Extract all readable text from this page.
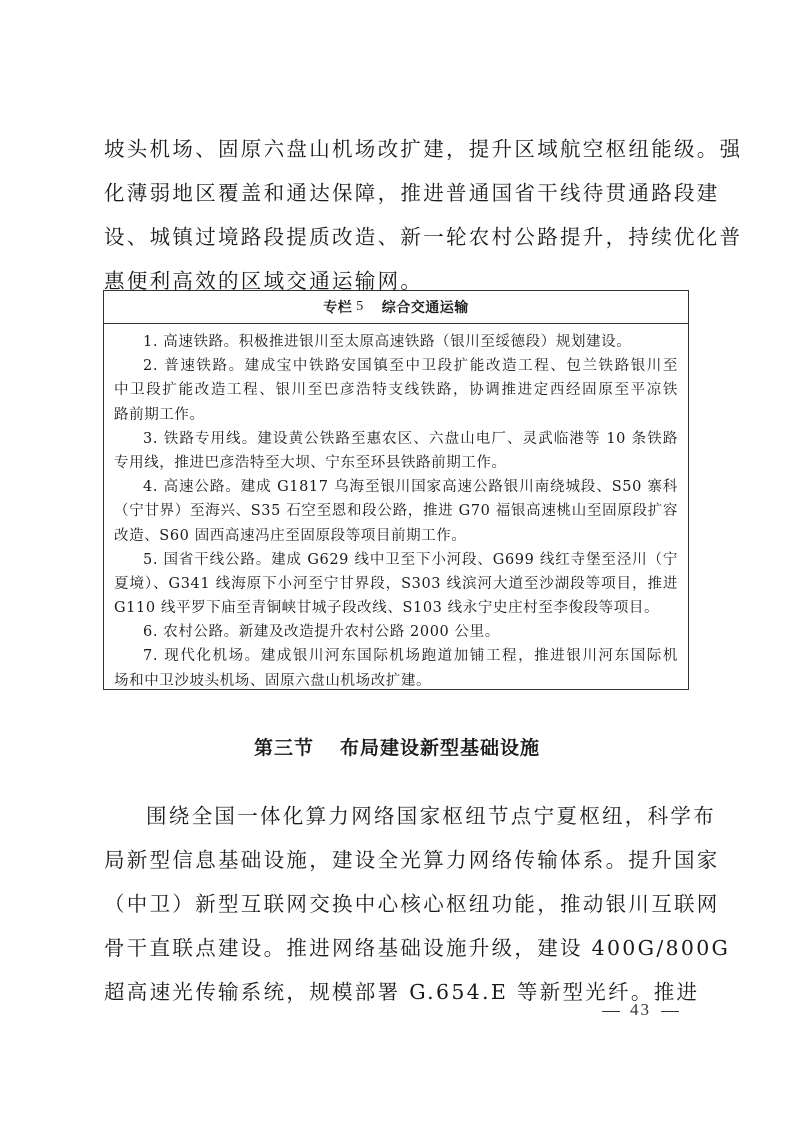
坡头机场、固原六盘山机场改扩建，提升区域航空枢纽能级。强
化薄弱地区覆盖和通达保障，推进普通国省干线待贯通路段建
设、城镇过境路段提质改造、新一轮农村公路提升，持续优化普
惠便利高效的区域交通运输网。
专栏 5 综合交通运输
1. 高速铁路。积极推进银川至太原高速铁路（银川至绥德段）规划建设。
2. 普速铁路。建成宝中铁路安国镇至中卫段扩能改造工程、包兰铁路银川至
中卫段扩能改造工程、银川至巴彦浩特支线铁路，协调推进定西经固原至平凉铁
路前期工作。
3. 铁路专用线。建设黄公铁路至惠农区、六盘山电厂、灵武临港等 10 条铁路
专用线，推进巴彦浩特至大坝、宁东至环县铁路前期工作。
4. 高速公路。建成 G1817 乌海至银川国家高速公路银川南绕城段、S50 寨科
（宁甘界）至海兴、S35 石空至恩和段公路，推进 G70 福银高速桃山至固原段扩容
改造、S60 固西高速冯庄至固原段等项目前期工作。
5. 国省干线公路。建成 G629 线中卫至下小河段、G699 线红寺堡至泾川（宁
夏境）、G341 线海原下小河至宁甘界段，S303 线滨河大道至沙湖段等项目，推进
G110 线平罗下庙至青铜峡甘城子段改线、S103 线永宁史庄村至李俊段等项目。
6. 农村公路。新建及改造提升农村公路 2000 公里。
7. 现代化机场。建成银川河东国际机场跑道加铺工程，推进银川河东国际机
场和中卫沙坡头机场、固原六盘山机场改扩建。
第三节 布局建设新型基础设施
围绕全国一体化算力网络国家枢纽节点宁夏枢纽，科学布
局新型信息基础设施，建设全光算力网络传输体系。提升国家
（中卫）新型互联网交换中心核心枢纽功能，推动银川互联网
骨干直联点建设。推进网络基础设施升级，建设 400G/800G
超高速光传输系统，规模部署 G.654.E 等新型光纤。推进
43
